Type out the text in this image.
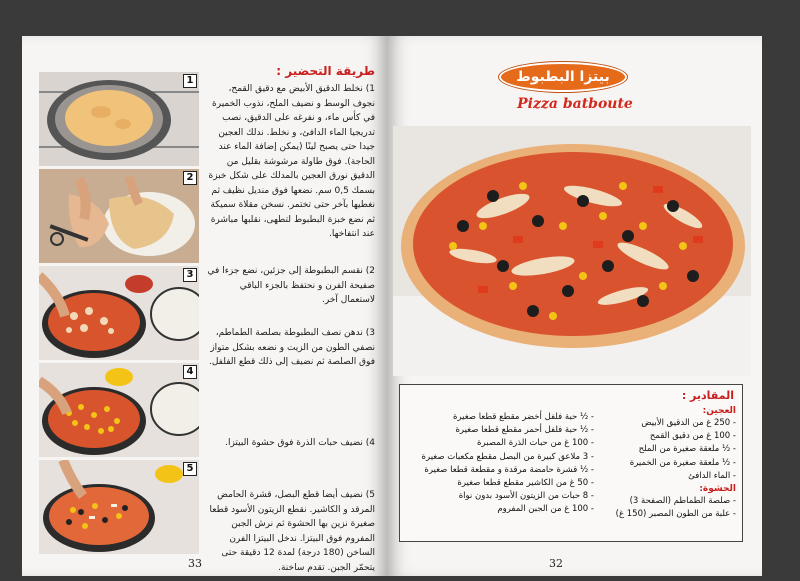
1
2
3
4
5
طريقة التحضير :

1) نخلط الدقيق الأبيض مع دقيق القمح، نجوف الوسط و نضيف الملح، نذوب الخميرة في كأس ماء، و نفرغه على الدقيق، نصب تدريجيا الماء الدافئ، و نخلط. ندلك العجين جيدا حتى يصبح لينًا (يمكن إضافة الماء عند الحاجة). فوق طاولة مرشوشة بقليل من الدقيق نورق العجين بالمدلك على شكل خبزة بسمك 0,5 سم. نضعها فوق منديل نظيف ثم نغطيها بآخر حتى تختمر. نسخن مقلاة سميكة ثم نضع خبزة البطبوط لتطهى، نقلبها مباشرة عند انتفاخها.

2) نقسم البطبوطة إلى جزئين، نضع جزءا في صفيحة الفرن و نحتفظ بالجزء الباقي لاستعمال آخر.

3) ندهن نصف البطبوطة بصلصة الطماطم، نصفي الطون من الزيت و نضعه بشكل متواز فوق الصلصة ثم نضيف إلى ذلك قطع الفلفل.

4) نضيف حبات الذرة فوق حشوة البيتزا.

5) نضيف أيضا قطع البصل، قشرة الحامض المرقد و الكاشير. نقطع الزيتون الأسود قطعا صغيرة نزين بها الحشوة ثم نرش الجبن المفروم فوق البيتزا. ندخل البيتزا الفرن الساخن (180 درجة) لمدة 12 دقيقة حتى يتحمّر الجبن. تقدم ساخنة.

33
بيتزا البطبوط
Pizza batboute
المقادير :
العجين:
- 250 غ من الدقيق الأبيض
- 100 غ من دقيق القمح
- ½ ملعقة صغيرة من الملح
- ½ ملعقة صغيرة من الخميرة
- الماء الدافئ
الحشوة:
- صلصة الطماطم (الصفحة 3)
- علبة من الطون المصبر (150 غ)
- ½ حبة فلفل أخضر مقطع قطعا صغيرة
- ½ حبة فلفل أحمر مقطع قطعا صغيرة
- 100 غ من حبات الذرة المصبرة
- 3 ملاعق كبيرة من البصل مقطع مكعبات صغيرة
- ½ قشرة حامضة مرقدة و مقطعة قطعا صغيرة
- 50 غ من الكاشير مقطع قطعا صغيرة
- 8 حبات من الزيتون الأسود بدون نواة
- 100 غ من الجبن المفروم
32
